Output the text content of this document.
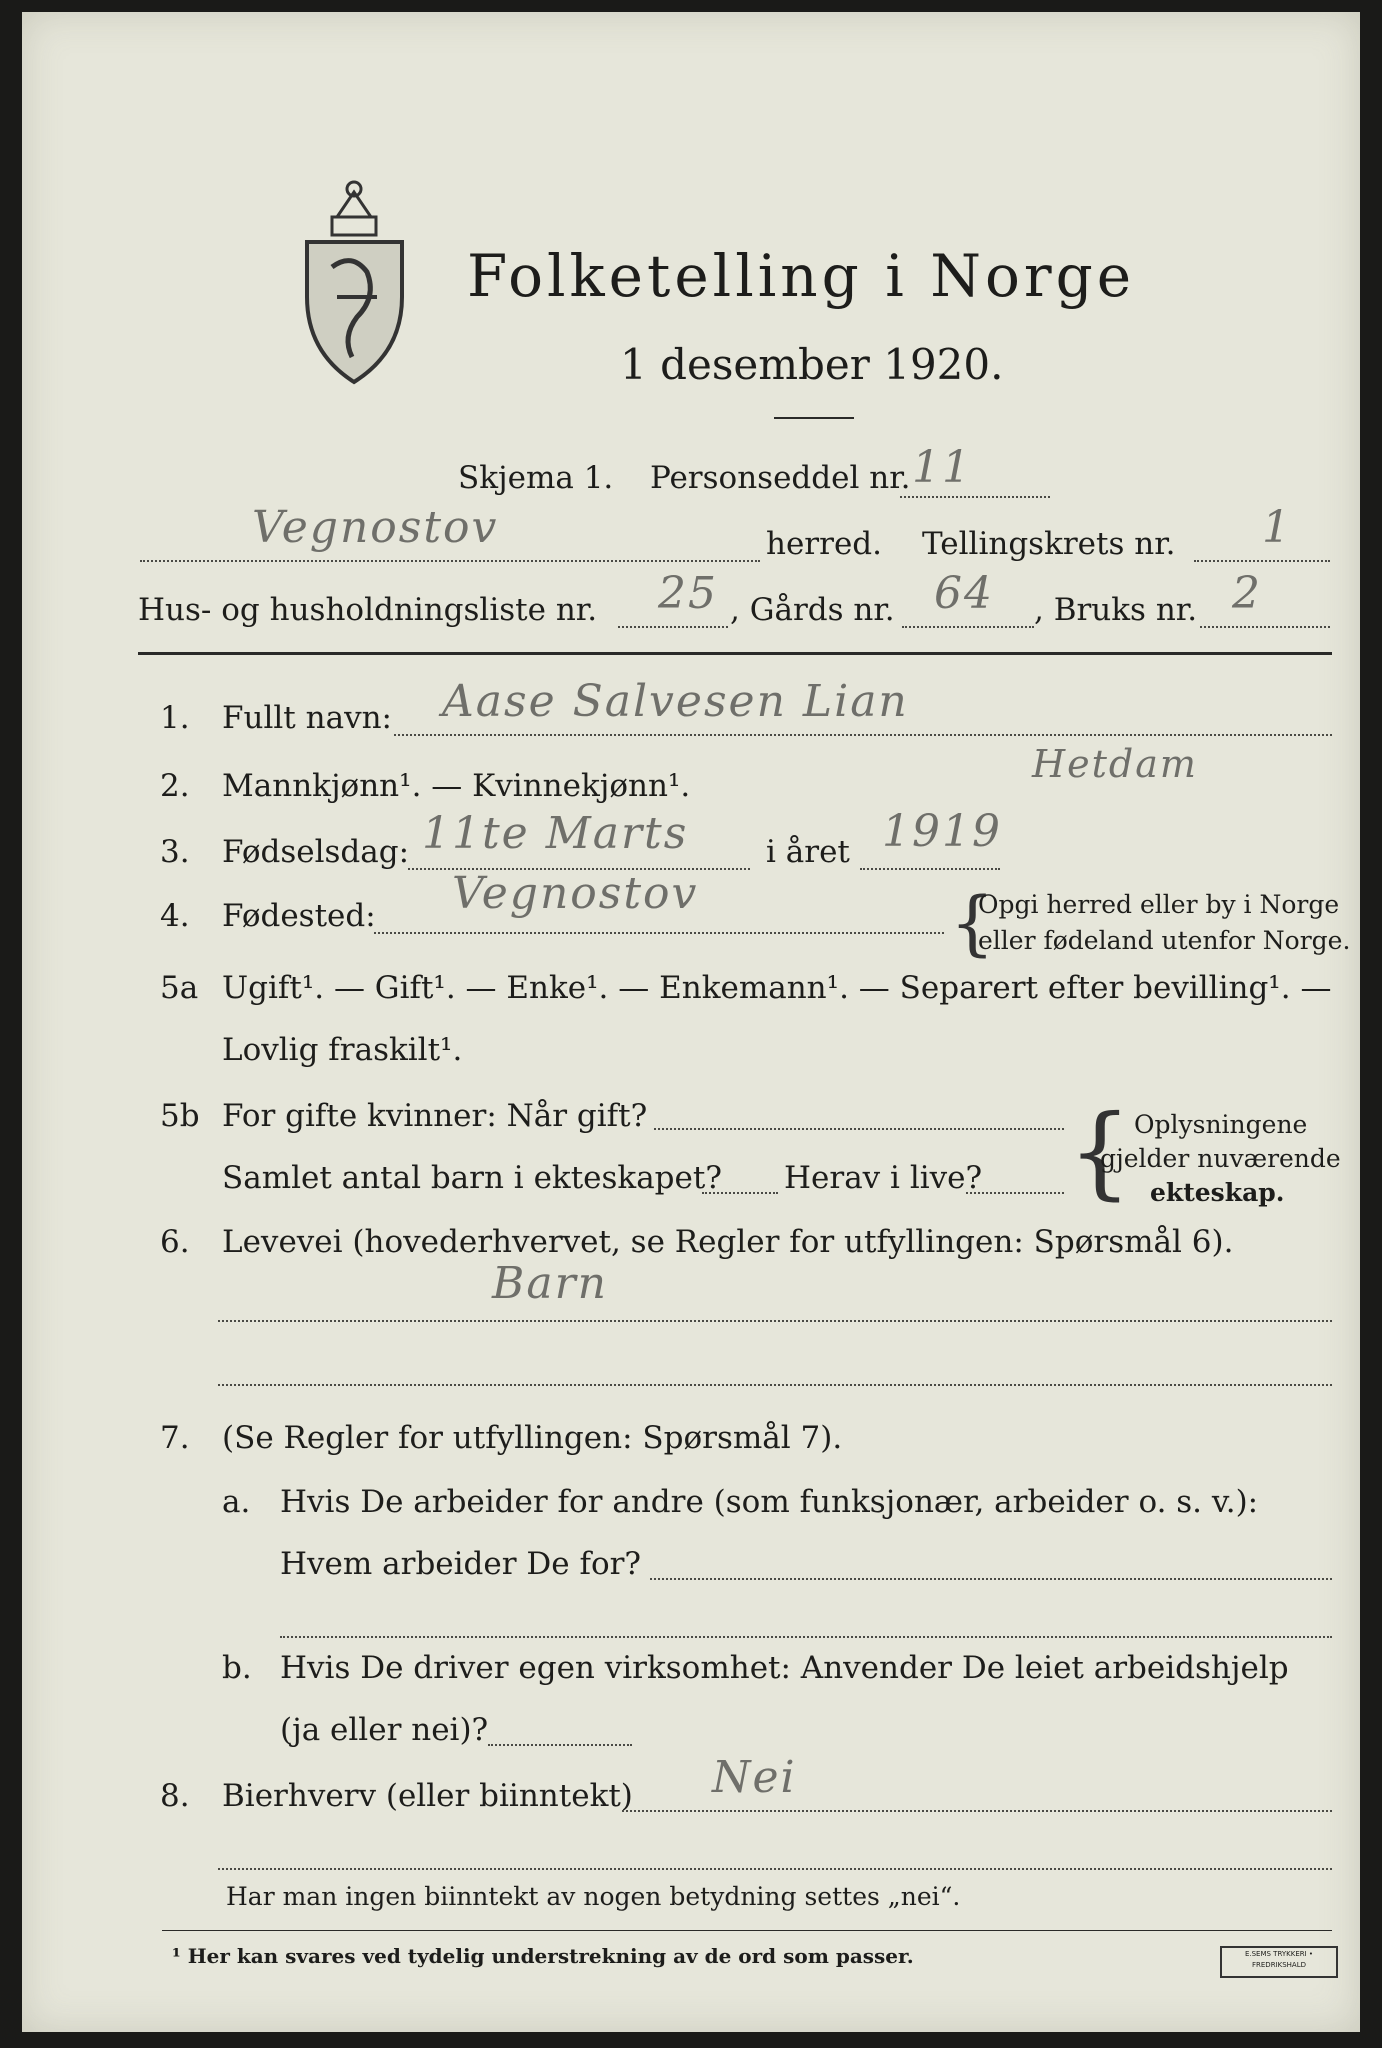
Folketelling i Norge
1 desember 1920.
Skjema 1. Personseddel nr. 11
Vegnostov	herred. Tellingskrets nr. 1
Hus- og husholdningsliste nr. 25 , Gårds nr. 64 , Bruks nr. 2
1. Fullt navn: Aase Salvesen Lian
Hetdam
2. Mannkjønn¹. — Kvinnekjønn¹.
3. Fødselsdag: 11te Marts	i året 1919
4. Fødested: Vegnostov	{
Opgi herred eller by i Norge
eller fødeland utenfor Norge.
5a Ugift¹. — Gift¹. — Enke¹. — Enkemann¹. — Separert efter bevilling¹. —
Lovlig fraskilt¹.
5b For gifte kvinner: Når gift?
Samlet antal barn i ekteskapet? Herav i live? { Oplysningene
gjelder nuværende
ekteskap.
6. Levevei (hovederhvervet, se Regler for utfyllingen: Spørsmål 6).
Barn
7. (Se Regler for utfyllingen: Spørsmål 7).
a. Hvis De arbeider for andre (som funksjonær, arbeider o. s. v.):
Hvem arbeider De for?
b. Hvis De driver egen virksomhet: Anvender De leiet arbeidshjelp
(ja eller nei)?
8. Bierhverv (eller biinntekt) Nei
Har man ingen biinntekt av nogen betydning settes „nei“.
¹ Her kan svares ved tydelig understrekning av de ord som passer.	E.SEMS TRYKKERI • FREDRIKSHALD
